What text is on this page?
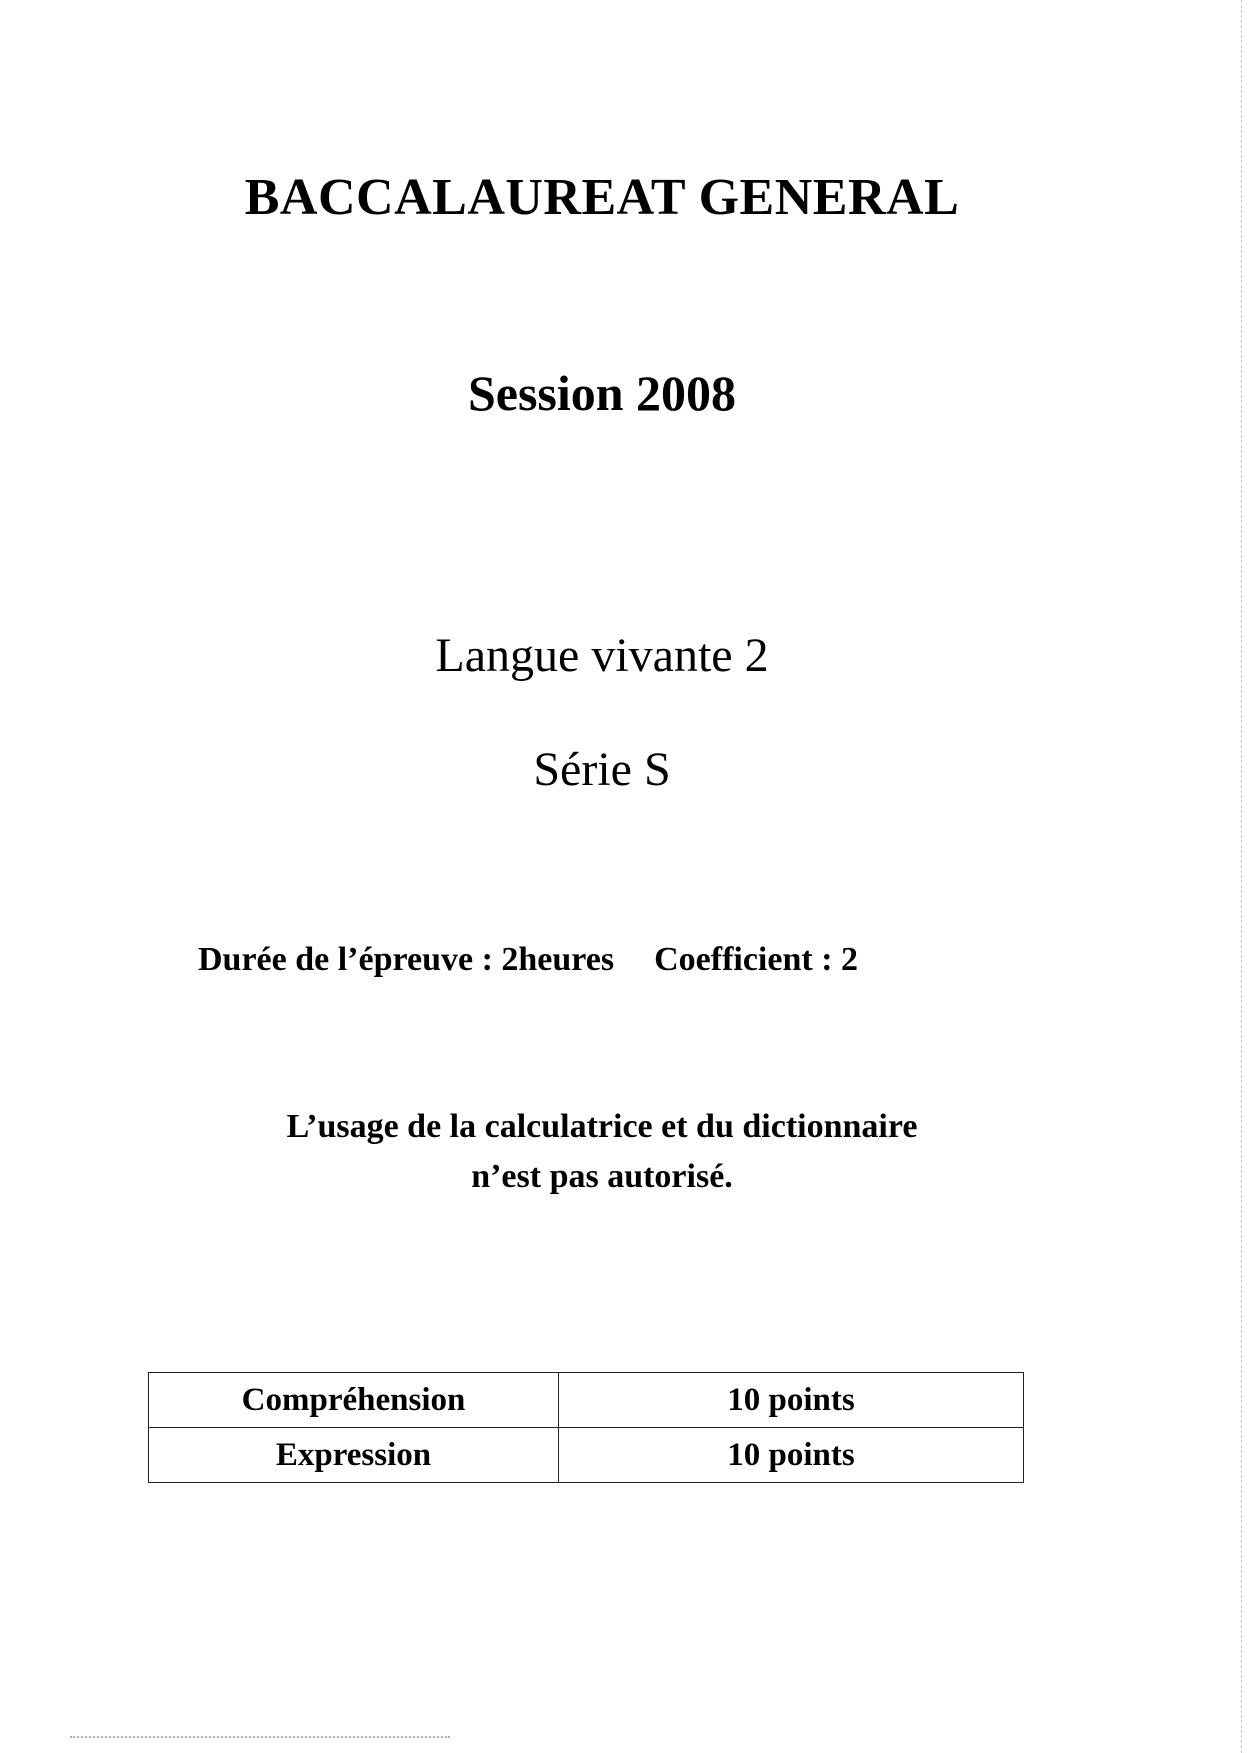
BACCALAUREAT GENERAL
Session 2008
Langue vivante 2
Série S
Durée de l’épreuve : 2heures Coefficient : 2
L’usage de la calculatrice et du dictionnaire
n’est pas autorisé.
Compréhension	10 points
Expression	10 points
